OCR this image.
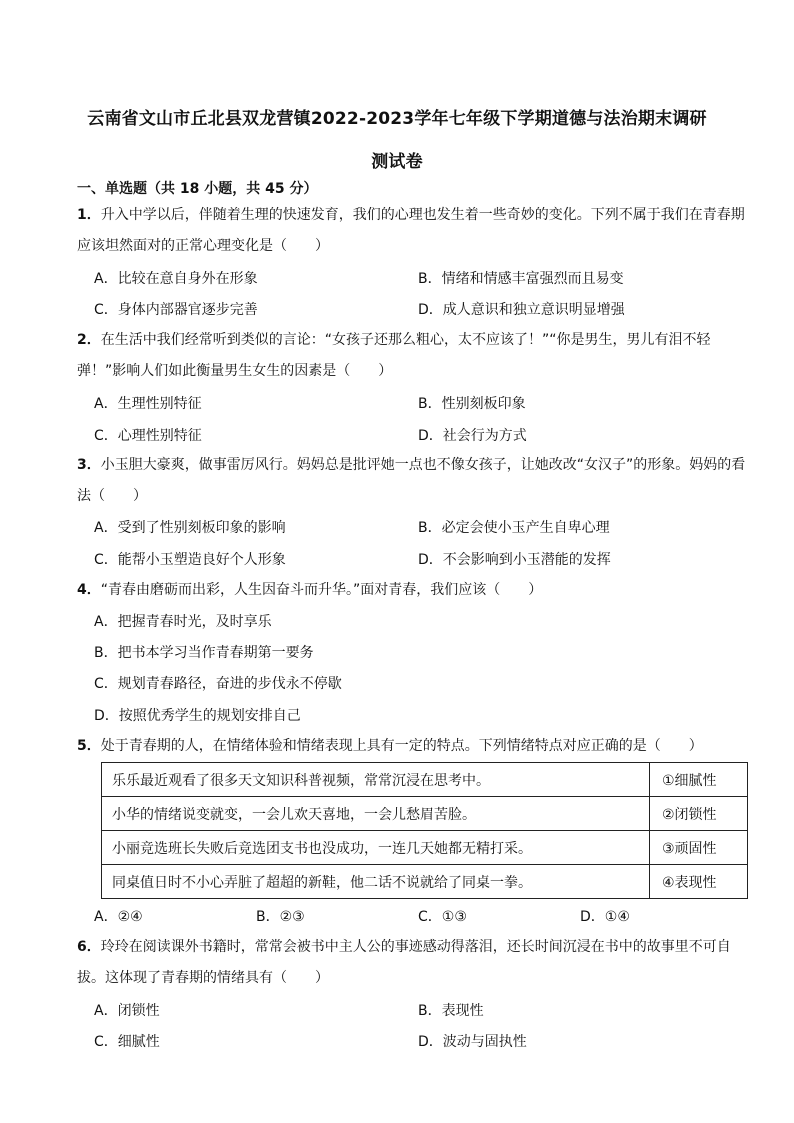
云南省文山市丘北县双龙营镇2022-2023学年七年级下学期道德与法治期末调研
测试卷
一、单选题（共 18 小题，共 45 分）
1．升入中学以后，伴随着生理的快速发育，我们的心理也发生着一些奇妙的变化。下列不属于我们在青春期应该坦然面对的正常心理变化是（　　）
A．比较在意自身外在形象	B．情绪和情感丰富强烈而且易变
C．身体内部器官逐步完善	D．成人意识和独立意识明显增强
2．在生活中我们经常听到类似的言论：“女孩子还那么粗心，太不应该了！”“你是男生，男儿有泪不轻弹！”影响人们如此衡量男生女生的因素是（　　）
A．生理性别特征	B．性别刻板印象
C．心理性别特征	D．社会行为方式
3．小玉胆大豪爽，做事雷厉风行。妈妈总是批评她一点也不像女孩子，让她改改“女汉子”的形象。妈妈的看法（　　）
A．受到了性别刻板印象的影响	B．必定会使小玉产生自卑心理
C．能帮小玉塑造良好个人形象	D．不会影响到小玉潜能的发挥
4．“青春由磨砺而出彩，人生因奋斗而升华。”面对青春，我们应该（　　）
A．把握青春时光，及时享乐
B．把书本学习当作青春期第一要务
C．规划青春路径，奋进的步伐永不停歇
D．按照优秀学生的规划安排自己
5．处于青春期的人，在情绪体验和情绪表现上具有一定的特点。下列情绪特点对应正确的是（　　）
乐乐最近观看了很多天文知识科普视频，常常沉浸在思考中。	①细腻性
小华的情绪说变就变，一会儿欢天喜地，一会儿愁眉苦脸。	②闭锁性
小丽竞选班长失败后竞选团支书也没成功，一连几天她都无精打采。	③顽固性
同桌值日时不小心弄脏了超超的新鞋，他二话不说就给了同桌一拳。	④表现性
A．②④	B．②③	C．①③	D．①④
6．玲玲在阅读课外书籍时，常常会被书中主人公的事迹感动得落泪，还长时间沉浸在书中的故事里不可自拔。这体现了青春期的情绪具有（　　）
A．闭锁性	B．表现性
C．细腻性	D．波动与固执性
